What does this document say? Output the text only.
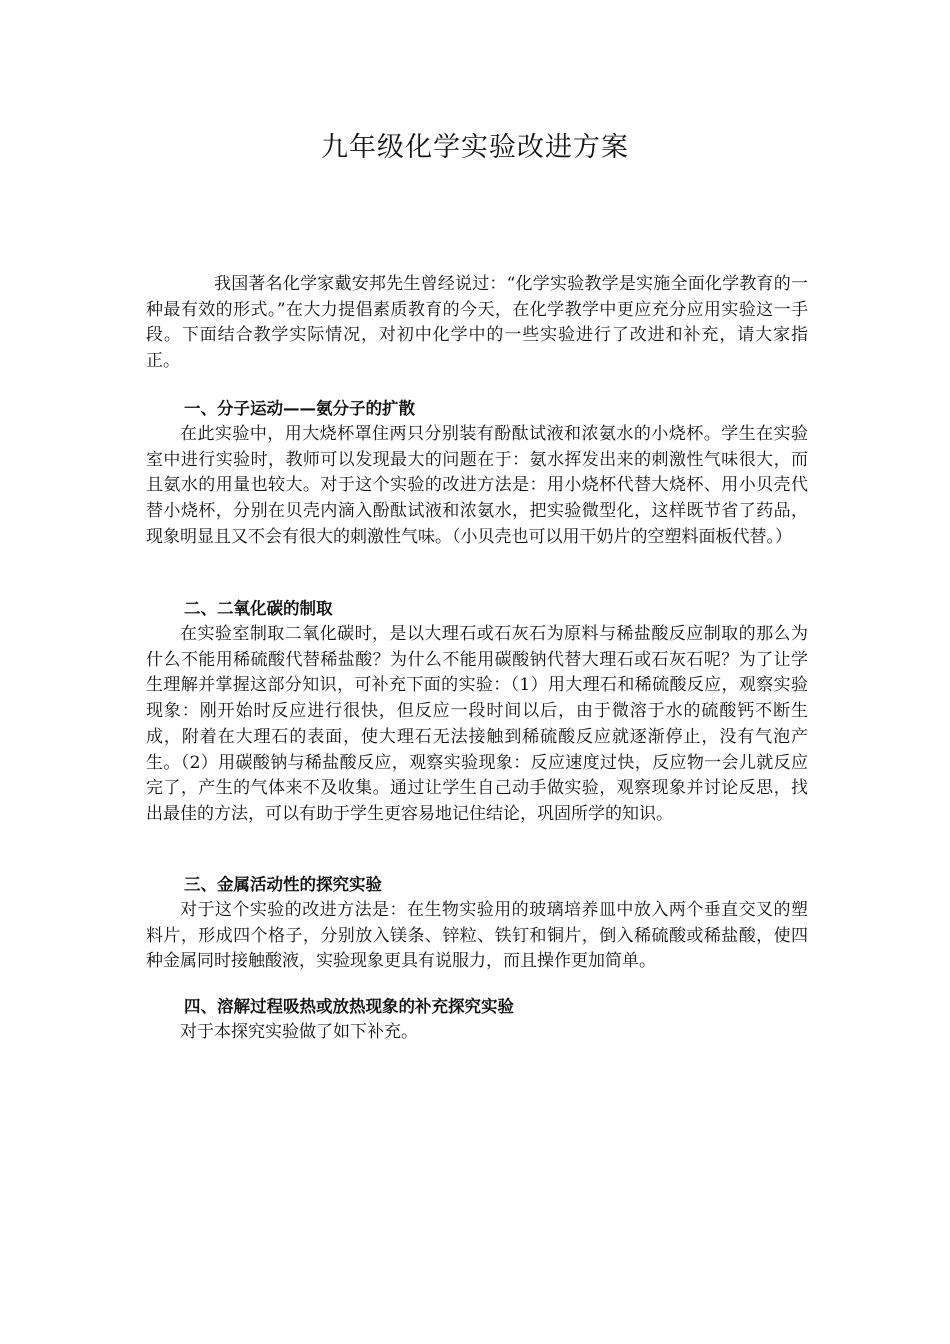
九年级化学实验改进方案

我国著名化学家戴安邦先生曾经说过：“化学实验教学是实施全面化学教育的一种最有效的形式。”在大力提倡素质教育的今天，在化学教学中更应充分应用实验这一手段。下面结合教学实际情况，对初中化学中的一些实验进行了改进和补充，请大家指正。

一、分子运动——氨分子的扩散

在此实验中，用大烧杯罩住两只分别装有酚酞试液和浓氨水的小烧杯。学生在实验室中进行实验时，教师可以发现最大的问题在于：氨水挥发出来的刺激性气味很大，而且氨水的用量也较大。对于这个实验的改进方法是：用小烧杯代替大烧杯、用小贝壳代替小烧杯，分别在贝壳内滴入酚酞试液和浓氨水，把实验微型化，这样既节省了药品，现象明显且又不会有很大的刺激性气味。（小贝壳也可以用干奶片的空塑料面板代替。）

二、二氧化碳的制取

在实验室制取二氧化碳时，是以大理石或石灰石为原料与稀盐酸反应制取的那么为什么不能用稀硫酸代替稀盐酸？为什么不能用碳酸钠代替大理石或石灰石呢？为了让学生理解并掌握这部分知识，可补充下面的实验：（1）用大理石和稀硫酸反应，观察实验现象：刚开始时反应进行很快，但反应一段时间以后，由于微溶于水的硫酸钙不断生成，附着在大理石的表面，使大理石无法接触到稀硫酸反应就逐渐停止，没有气泡产生。（2）用碳酸钠与稀盐酸反应，观察实验现象：反应速度过快，反应物一会儿就反应完了，产生的气体来不及收集。通过让学生自己动手做实验，观察现象并讨论反思，找出最佳的方法，可以有助于学生更容易地记住结论，巩固所学的知识。

三、金属活动性的探究实验

对于这个实验的改进方法是：在生物实验用的玻璃培养皿中放入两个垂直交叉的塑料片，形成四个格子，分别放入镁条、锌粒、铁钉和铜片，倒入稀硫酸或稀盐酸，使四种金属同时接触酸液，实验现象更具有说服力，而且操作更加简单。

四、溶解过程吸热或放热现象的补充探究实验

对于本探究实验做了如下补充。
